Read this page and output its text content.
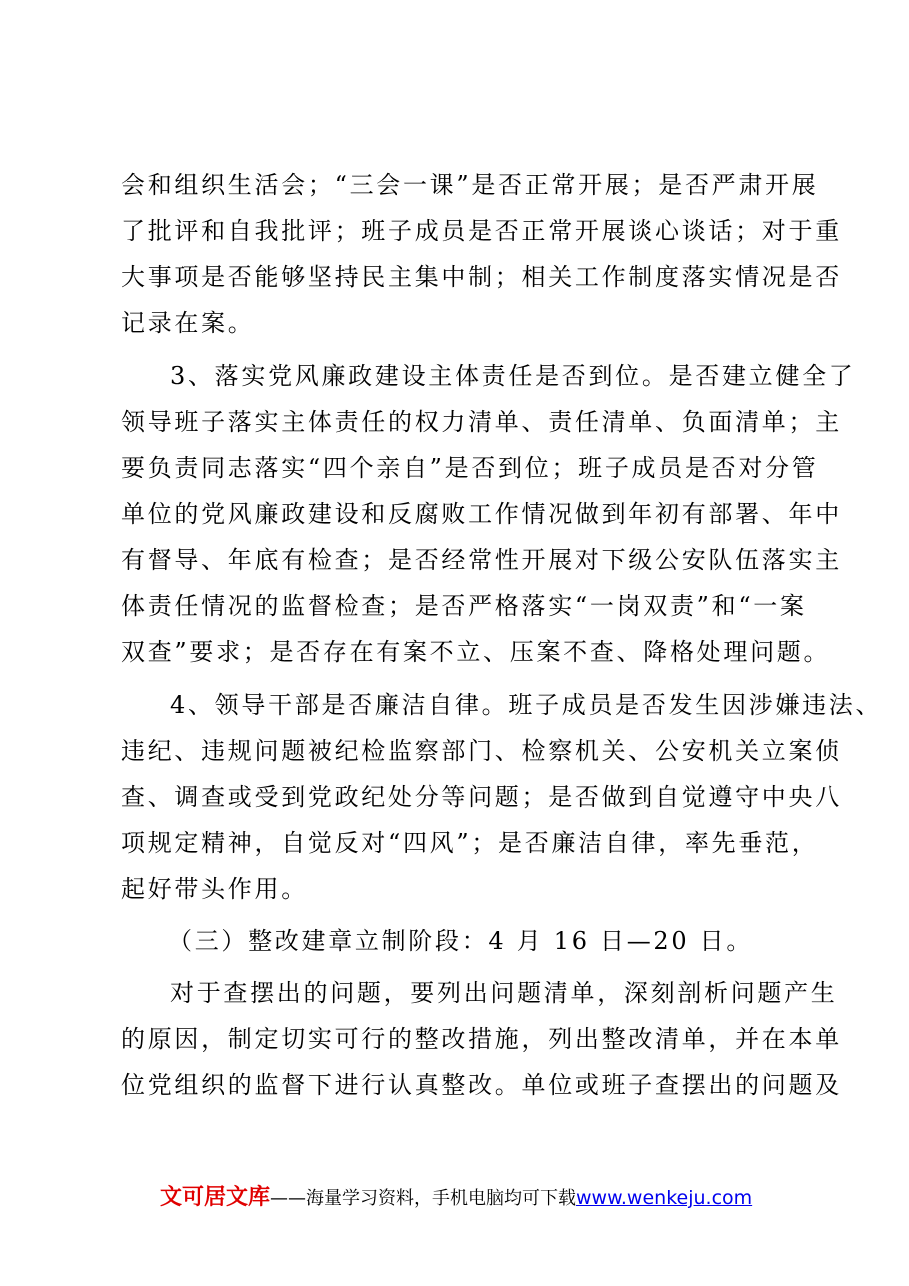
会和组织生活会；“三会一课”是否正常开展；是否严肃开展
了批评和自我批评；班子成员是否正常开展谈心谈话；对于重
大事项是否能够坚持民主集中制；相关工作制度落实情况是否
记录在案。
3、落实党风廉政建设主体责任是否到位。是否建立健全了
领导班子落实主体责任的权力清单、责任清单、负面清单；主
要负责同志落实“四个亲自”是否到位；班子成员是否对分管
单位的党风廉政建设和反腐败工作情况做到年初有部署、年中
有督导、年底有检查；是否经常性开展对下级公安队伍落实主
体责任情况的监督检查；是否严格落实“一岗双责”和“一案
双查”要求；是否存在有案不立、压案不查、降格处理问题。
4、领导干部是否廉洁自律。班子成员是否发生因涉嫌违法、
违纪、违规问题被纪检监察部门、检察机关、公安机关立案侦
查、调查或受到党政纪处分等问题；是否做到自觉遵守中央八
项规定精神，自觉反对“四风”；是否廉洁自律，率先垂范，
起好带头作用。
（三）整改建章立制阶段：4 月 16 日—20 日。
对于查摆出的问题，要列出问题清单，深刻剖析问题产生
的原因，制定切实可行的整改措施，列出整改清单，并在本单
位党组织的监督下进行认真整改。单位或班子查摆出的问题及
文可居文库——海量学习资料，手机电脑均可下载www.wenkeju.com
